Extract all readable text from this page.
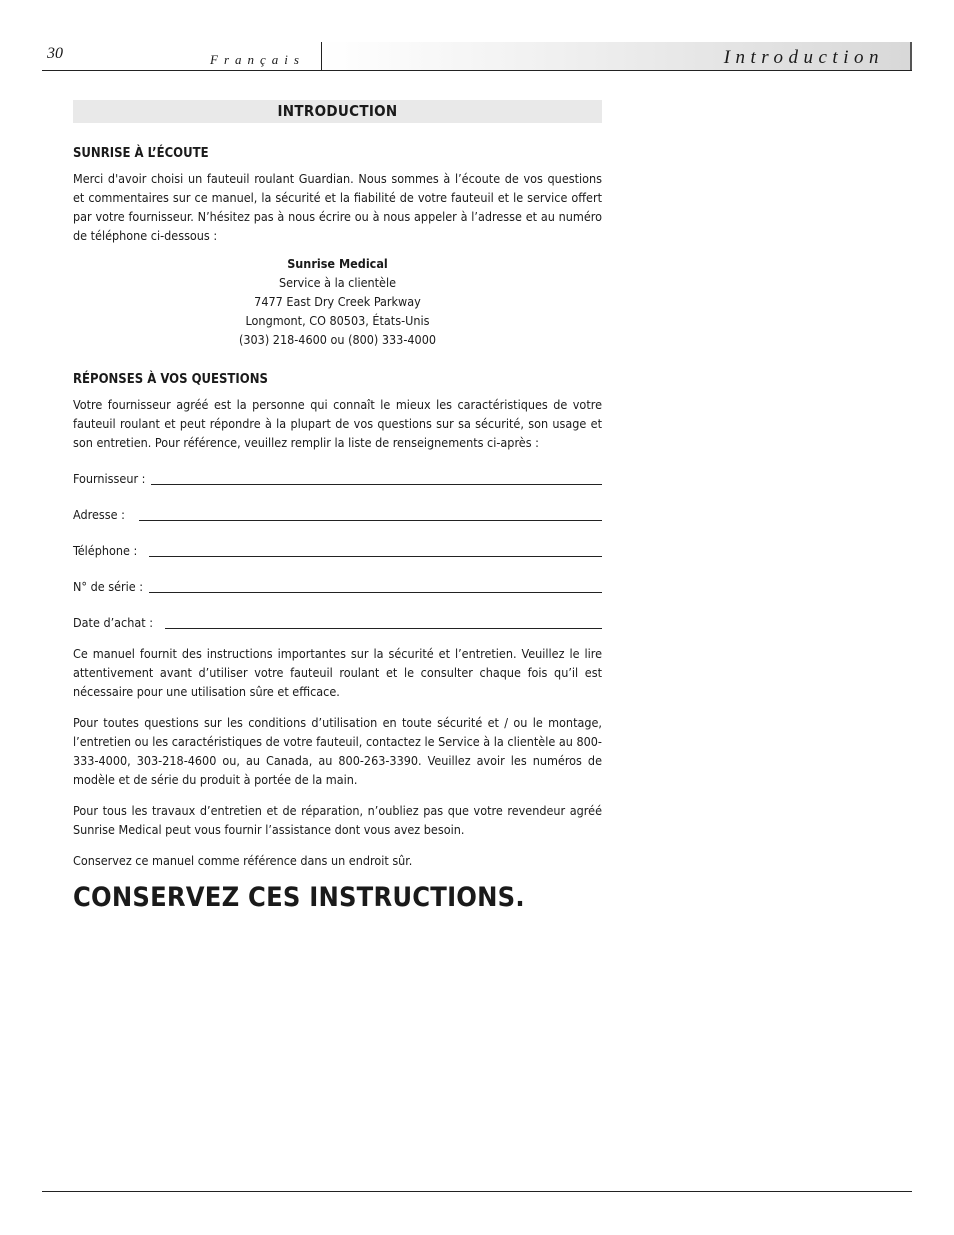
30	Français	Introduction
INTRODUCTION
SUNRISE À L’ÉCOUTE

Merci d'avoir choisi un fauteuil roulant Guardian. Nous sommes à l’écoute de vos questions et commentaires sur ce manuel, la sécurité et la fiabilité de votre fauteuil et le service offert par votre fournisseur. N’hésitez pas à nous écrire ou à nous appeler à l’adresse et au numéro de téléphone ci-dessous :

Sunrise Medical
Service à la clientèle
7477 East Dry Creek Parkway
Longmont, CO 80503, États-Unis
(303) 218-4600 ou (800) 333-4000
RÉPONSES À VOS QUESTIONS

Votre fournisseur agréé est la personne qui connaît le mieux les caractéristiques de votre fauteuil roulant et peut répondre à la plupart de vos questions sur sa sécurité, son usage et son entretien. Pour référence, veuillez remplir la liste de renseignements ci-après :

Fournisseur :
Adresse :
Téléphone :
N° de série :
Date d’achat :

Ce manuel fournit des instructions importantes sur la sécurité et l’entretien. Veuillez le lire attentivement avant d’utiliser votre fauteuil roulant et le consulter chaque fois qu’il est nécessaire pour une utilisation sûre et efficace.

Pour toutes questions sur les conditions d’utilisation en toute sécurité et / ou le montage, l’entretien ou les caractéristiques de votre fauteuil, contactez le Service à la clientèle au 800-333-4000, 303-218-4600 ou, au Canada, au 800-263-3390. Veuillez avoir les numéros de modèle et de série du produit à portée de la main.

Pour tous les travaux d’entretien et de réparation, n’oubliez pas que votre revendeur agréé Sunrise Medical peut vous fournir l’assistance dont vous avez besoin.

Conservez ce manuel comme référence dans un endroit sûr.

CONSERVEZ CES INSTRUCTIONS.
